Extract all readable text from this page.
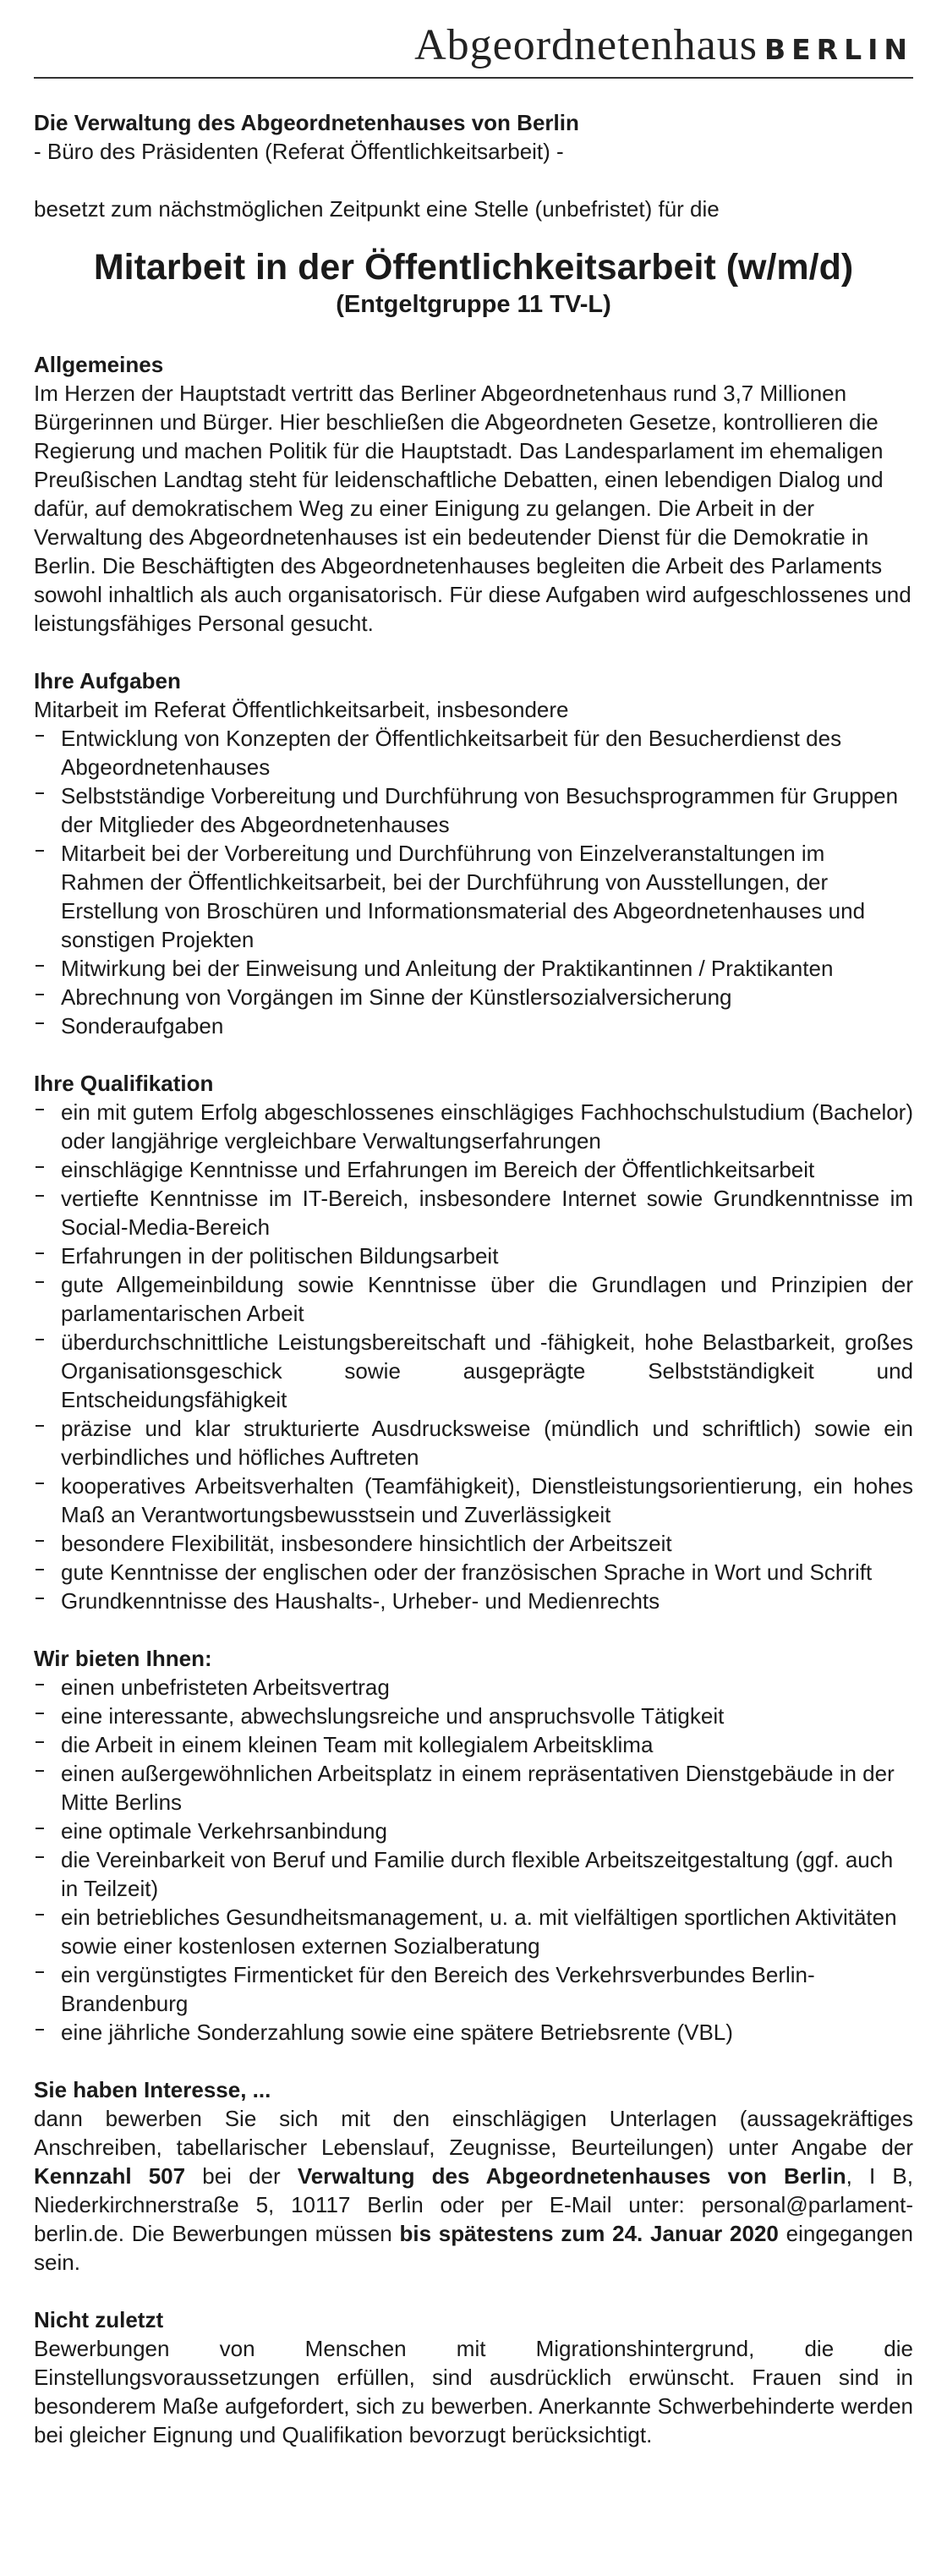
Abgeordnetenhaus BERLIN

Die Verwaltung des Abgeordnetenhauses von Berlin

- Büro des Präsidenten (Referat Öffentlichkeitsarbeit) -

besetzt zum nächstmöglichen Zeitpunkt eine Stelle (unbefristet) für die

Mitarbeit in der Öffentlichkeitsarbeit (w/m/d)

(Entgeltgruppe 11 TV-L)

Allgemeines

Im Herzen der Hauptstadt vertritt das Berliner Abgeordnetenhaus rund 3,7 Millionen Bürgerinnen und Bürger. Hier beschließen die Abgeordneten Gesetze, kontrollieren die Regierung und machen Politik für die Hauptstadt. Das Landesparlament im ehemaligen Preußischen Landtag steht für leidenschaftliche Debatten, einen lebendigen Dialog und dafür, auf demokratischem Weg zu einer Einigung zu gelangen. Die Arbeit in der Verwaltung des Abgeordnetenhauses ist ein bedeutender Dienst für die Demokratie in Berlin. Die Beschäftigten des Abgeordnetenhauses begleiten die Arbeit des Parlaments sowohl inhaltlich als auch organisatorisch. Für diese Aufgaben wird aufgeschlossenes und leistungsfähiges Personal gesucht.

Ihre Aufgaben

Mitarbeit im Referat Öffentlichkeitsarbeit, insbesondere

Entwicklung von Konzepten der Öffentlichkeitsarbeit für den Besucherdienst des Abgeordnetenhauses
Selbstständige Vorbereitung und Durchführung von Besuchsprogrammen für Gruppen der Mitglieder des Abgeordnetenhauses
Mitarbeit bei der Vorbereitung und Durchführung von Einzelveranstaltungen im Rahmen der Öffentlichkeitsarbeit, bei der Durchführung von Ausstellungen, der Erstellung von Broschüren und Informationsmaterial des Abgeordnetenhauses und sonstigen Projekten
Mitwirkung bei der Einweisung und Anleitung der Praktikantinnen / Praktikanten
Abrechnung von Vorgängen im Sinne der Künstlersozialversicherung
Sonderaufgaben
Ihre Qualifikation
ein mit gutem Erfolg abgeschlossenes einschlägiges Fachhochschulstudium (Bachelor) oder langjährige vergleichbare Verwaltungserfahrungen
einschlägige Kenntnisse und Erfahrungen im Bereich der Öffentlichkeitsarbeit
vertiefte Kenntnisse im IT-Bereich, insbesondere Internet sowie Grundkenntnisse im Social-Media-Bereich
Erfahrungen in der politischen Bildungsarbeit
gute Allgemeinbildung sowie Kenntnisse über die Grundlagen und Prinzipien der parlamentarischen Arbeit
überdurchschnittliche Leistungsbereitschaft und -fähigkeit, hohe Belastbarkeit, großes Organisationsgeschick sowie ausgeprägte Selbstständigkeit und Entscheidungsfähigkeit
präzise und klar strukturierte Ausdrucksweise (mündlich und schriftlich) sowie ein verbindliches und höfliches Auftreten
kooperatives Arbeitsverhalten (Teamfähigkeit), Dienstleistungsorientierung, ein hohes Maß an Verantwortungsbewusstsein und Zuverlässigkeit
besondere Flexibilität, insbesondere hinsichtlich der Arbeitszeit
gute Kenntnisse der englischen oder der französischen Sprache in Wort und Schrift
Grundkenntnisse des Haushalts-, Urheber- und Medienrechts
Wir bieten Ihnen:
einen unbefristeten Arbeitsvertrag
eine interessante, abwechslungsreiche und anspruchsvolle Tätigkeit
die Arbeit in einem kleinen Team mit kollegialem Arbeitsklima
einen außergewöhnlichen Arbeitsplatz in einem repräsentativen Dienstgebäude in der Mitte Berlins
eine optimale Verkehrsanbindung
die Vereinbarkeit von Beruf und Familie durch flexible Arbeitszeitgestaltung (ggf. auch in Teilzeit)
ein betriebliches Gesundheitsmanagement, u. a. mit vielfältigen sportlichen Aktivitäten sowie einer kostenlosen externen Sozialberatung
ein vergünstigtes Firmenticket für den Bereich des Verkehrsverbundes Berlin-Brandenburg
eine jährliche Sonderzahlung sowie eine spätere Betriebsrente (VBL)
Sie haben Interesse, ...

dann bewerben Sie sich mit den einschlägigen Unterlagen (aussagekräftiges Anschreiben, tabellarischer Lebenslauf, Zeugnisse, Beurteilungen) unter Angabe der Kennzahl 507 bei der Verwaltung des Abgeordnetenhauses von Berlin, I B, Niederkirchnerstraße 5, 10117 Berlin oder per E-Mail unter: personal@parlament-berlin.de. Die Bewerbungen müssen bis spätestens zum 24. Januar 2020 eingegangen sein.

Nicht zuletzt

Bewerbungen von Menschen mit Migrationshintergrund, die die Einstellungsvoraussetzungen erfüllen, sind ausdrücklich erwünscht. Frauen sind in besonderem Maße aufgefordert, sich zu bewerben. Anerkannte Schwerbehinderte werden bei gleicher Eignung und Qualifikation bevorzugt berücksichtigt.
